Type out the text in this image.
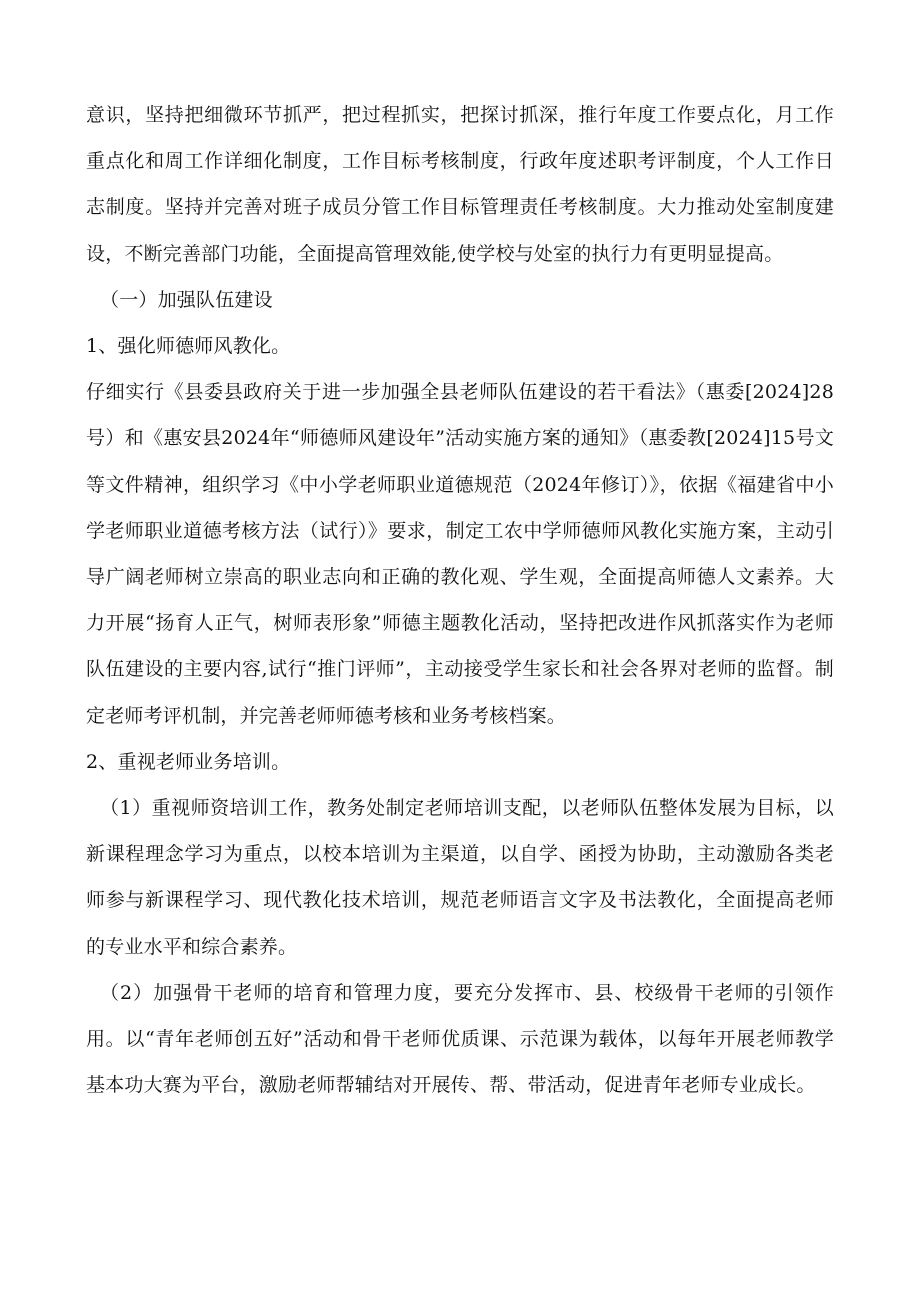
意识，坚持把细微环节抓严，把过程抓实，把探讨抓深，推行年度工作要点化，月工作重点化和周工作详细化制度，工作目标考核制度，行政年度述职考评制度，个人工作日志制度。坚持并完善对班子成员分管工作目标管理责任考核制度。大力推动处室制度建设，不断完善部门功能，全面提高管理效能,使学校与处室的执行力有更明显提高。

（一）加强队伍建设

1、强化师德师风教化。

仔细实行《县委县政府关于进一步加强全县老师队伍建设的若干看法》（惠委[2024]28号）和《惠安县2024年“师德师风建设年”活动实施方案的通知》（惠委教[2024]15号文等文件精神，组织学习《中小学老师职业道德规范（2024年修订）》，依据《福建省中小学老师职业道德考核方法（试行）》要求，制定工农中学师德师风教化实施方案，主动引导广阔老师树立崇高的职业志向和正确的教化观、学生观，全面提高师德人文素养。大力开展“扬育人正气，树师表形象”师德主题教化活动，坚持把改进作风抓落实作为老师队伍建设的主要内容,试行“推门评师”，主动接受学生家长和社会各界对老师的监督。制定老师考评机制，并完善老师师德考核和业务考核档案。

2、重视老师业务培训。

（1）重视师资培训工作，教务处制定老师培训支配，以老师队伍整体发展为目标，以新课程理念学习为重点，以校本培训为主渠道，以自学、函授为协助，主动激励各类老师参与新课程学习、现代教化技术培训，规范老师语言文字及书法教化，全面提高老师的专业水平和综合素养。

（2）加强骨干老师的培育和管理力度，要充分发挥市、县、校级骨干老师的引领作用。以“青年老师创五好”活动和骨干老师优质课、示范课为载体，以每年开展老师教学基本功大赛为平台，激励老师帮辅结对开展传、帮、带活动，促进青年老师专业成长。
